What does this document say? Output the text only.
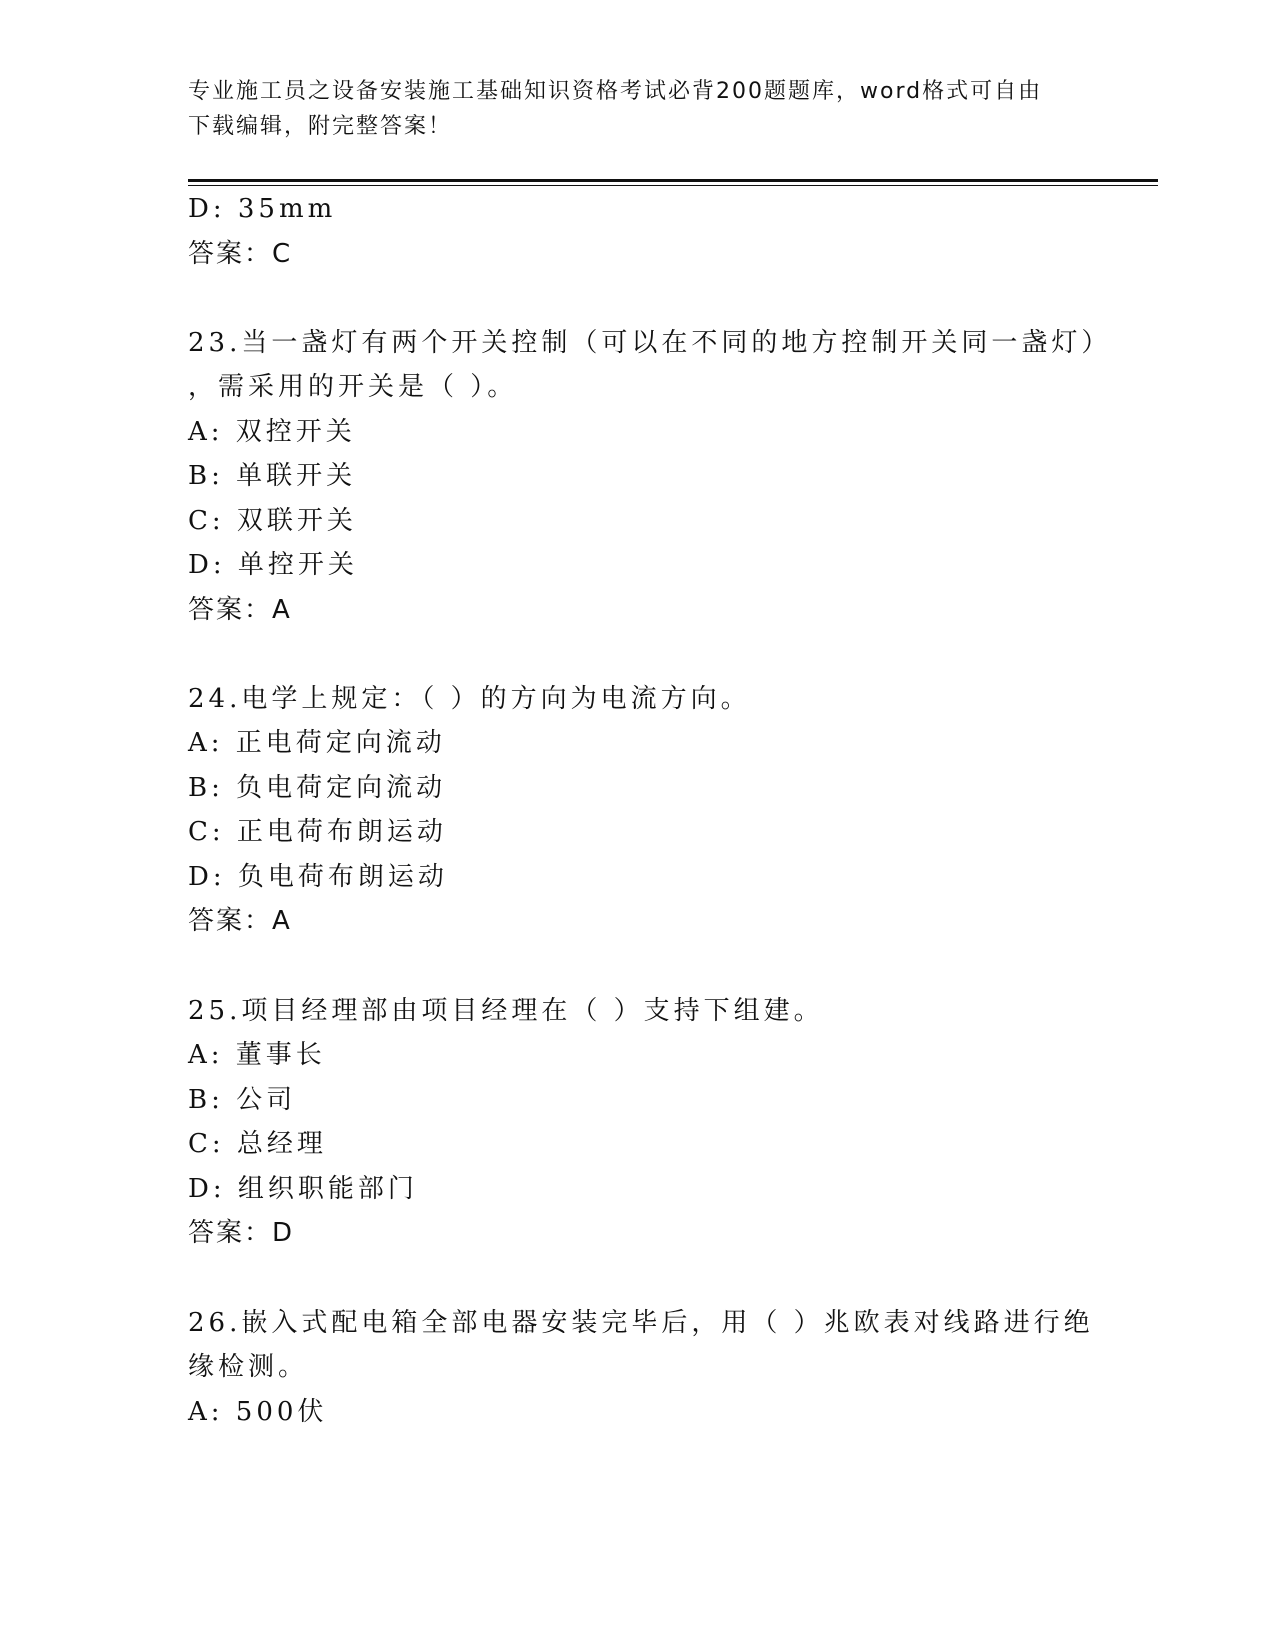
专业施工员之设备安装施工基础知识资格考试必背200题题库，word格式可自由
下载编辑，附完整答案！
D: 35mm
答案：C
23.当一盏灯有两个开关控制（可以在不同的地方控制开关同一盏灯）
，需采用的开关是（ ）。
A: 双控开关
B: 单联开关
C: 双联开关
D: 单控开关
答案：A
24.电学上规定：（ ）的方向为电流方向。
A: 正电荷定向流动
B: 负电荷定向流动
C: 正电荷布朗运动
D: 负电荷布朗运动
答案：A
25.项目经理部由项目经理在（ ）支持下组建。
A: 董事长
B: 公司
C: 总经理
D: 组织职能部门
答案：D
26.嵌入式配电箱全部电器安装完毕后，用（ ）兆欧表对线路进行绝
缘检测。
A: 500伏
